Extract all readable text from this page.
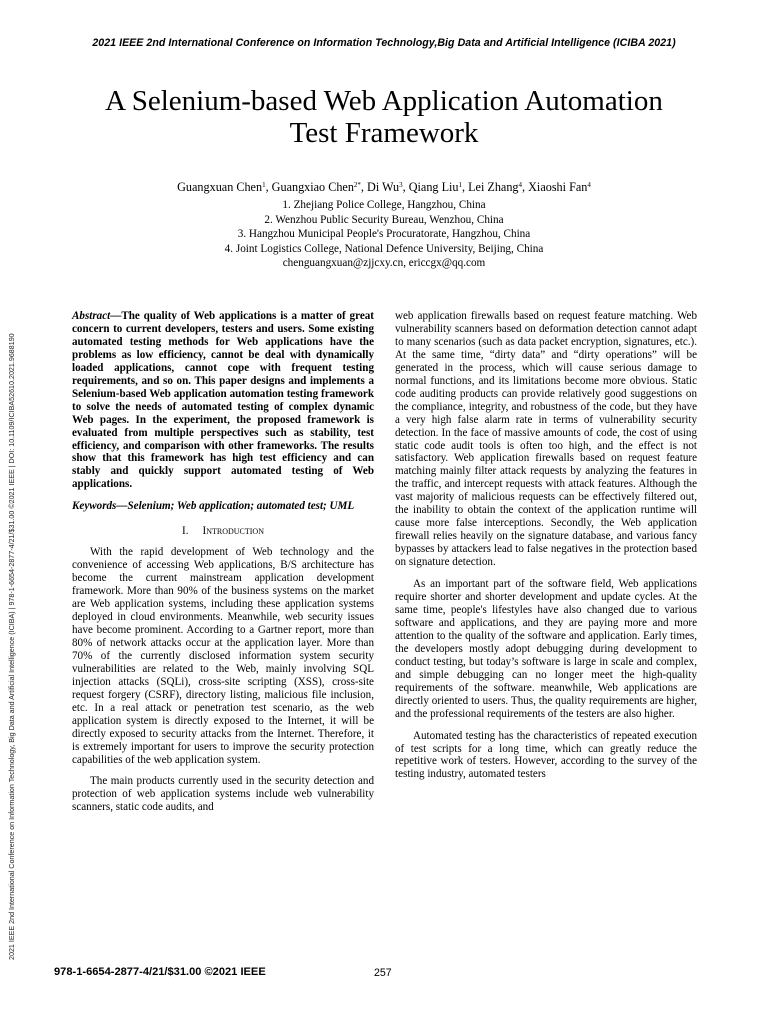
2021 IEEE 2nd International Conference on Information Technology,Big Data and Artificial Intelligence (ICIBA 2021)
2021 IEEE 2nd International Conference on Information Technology, Big Data and Artificial Intelligence (ICIBA) | 978-1-6654-2877-4/21/$31.00 ©2021 IEEE | DOI: 10.1109/ICIBA52610.2021.9688190
A Selenium-based Web Application Automation
Test Framework
Guangxuan Chen$^1$, Guangxiao Chen$^{2*}$, Di Wu$^3$, Qiang Liu$^1$, Lei Zhang$^4$, Xiaoshi Fan$^4$
1. Zhejiang Police College, Hangzhou, China
2. Wenzhou Public Security Bureau, Wenzhou, China
3. Hangzhou Municipal People's Procuratorate, Hangzhou, China
4. Joint Logistics College, National Defence University, Beijing, China
chenguangxuan@zjjcxy.cn, ericcgx@qq.com

Abstract—The quality of Web applications is a matter of great concern to current developers, testers and users. Some existing automated testing methods for Web applications have the problems as low efficiency, cannot be deal with dynamically loaded applications, cannot cope with frequent testing requirements, and so on. This paper designs and implements a Selenium-based Web application automation testing framework to solve the needs of automated testing of complex dynamic Web pages. In the experiment, the proposed framework is evaluated from multiple perspectives such as stability, test efficiency, and comparison with other frameworks. The results show that this framework has high test efficiency and can stably and quickly support automated testing of Web applications.

Keywords—Selenium; Web application; automated test; UML

I. Introduction

With the rapid development of Web technology and the convenience of accessing Web applications, B/S architecture has become the current mainstream application development framework. More than 90% of the business systems on the market are Web application systems, including these application systems deployed in cloud environments. Meanwhile, web security issues have become prominent. According to a Gartner report, more than 80% of network attacks occur at the application layer. More than 70% of the currently disclosed information system security vulnerabilities are related to the Web, mainly involving SQL injection attacks (SQLi), cross-site scripting (XSS), cross-site request forgery (CSRF), directory listing, malicious file inclusion, etc. In a real attack or penetration test scenario, as the web application system is directly exposed to the Internet, it will be directly exposed to security attacks from the Internet. Therefore, it is extremely important for users to improve the security protection capabilities of the web application system.

The main products currently used in the security detection and protection of web application systems include web vulnerability scanners, static code audits, and

web application firewalls based on request feature matching. Web vulnerability scanners based on deformation detection cannot adapt to many scenarios (such as data packet encryption, signatures, etc.). At the same time, “dirty data” and “dirty operations” will be generated in the process, which will cause serious damage to normal functions, and its limitations become more obvious. Static code auditing products can provide relatively good suggestions on the compliance, integrity, and robustness of the code, but they have a very high false alarm rate in terms of vulnerability security detection. In the face of massive amounts of code, the cost of using static code audit tools is often too high, and the effect is not satisfactory. Web application firewalls based on request feature matching mainly filter attack requests by analyzing the features in the traffic, and intercept requests with attack features. Although the vast majority of malicious requests can be effectively filtered out, the inability to obtain the context of the application runtime will cause more false interceptions. Secondly, the Web application firewall relies heavily on the signature database, and various fancy bypasses by attackers lead to false negatives in the protection based on signature detection.

As an important part of the software field, Web applications require shorter and shorter development and update cycles. At the same time, people's lifestyles have also changed due to various software and applications, and they are paying more and more attention to the quality of the software and application. Early times, the developers mostly adopt debugging during development to conduct testing, but today’s software is large in scale and complex, and simple debugging can no longer meet the high-quality requirements of the software. meanwhile, Web applications are directly oriented to users. Thus, the quality requirements are higher, and the professional requirements of the testers are also higher.

Automated testing has the characteristics of repeated execution of test scripts for a long time, which can greatly reduce the repetitive work of testers. However, according to the survey of the testing industry, automated testers

978-1-6654-2877-4/21/$31.00 ©2021 IEEE	257
